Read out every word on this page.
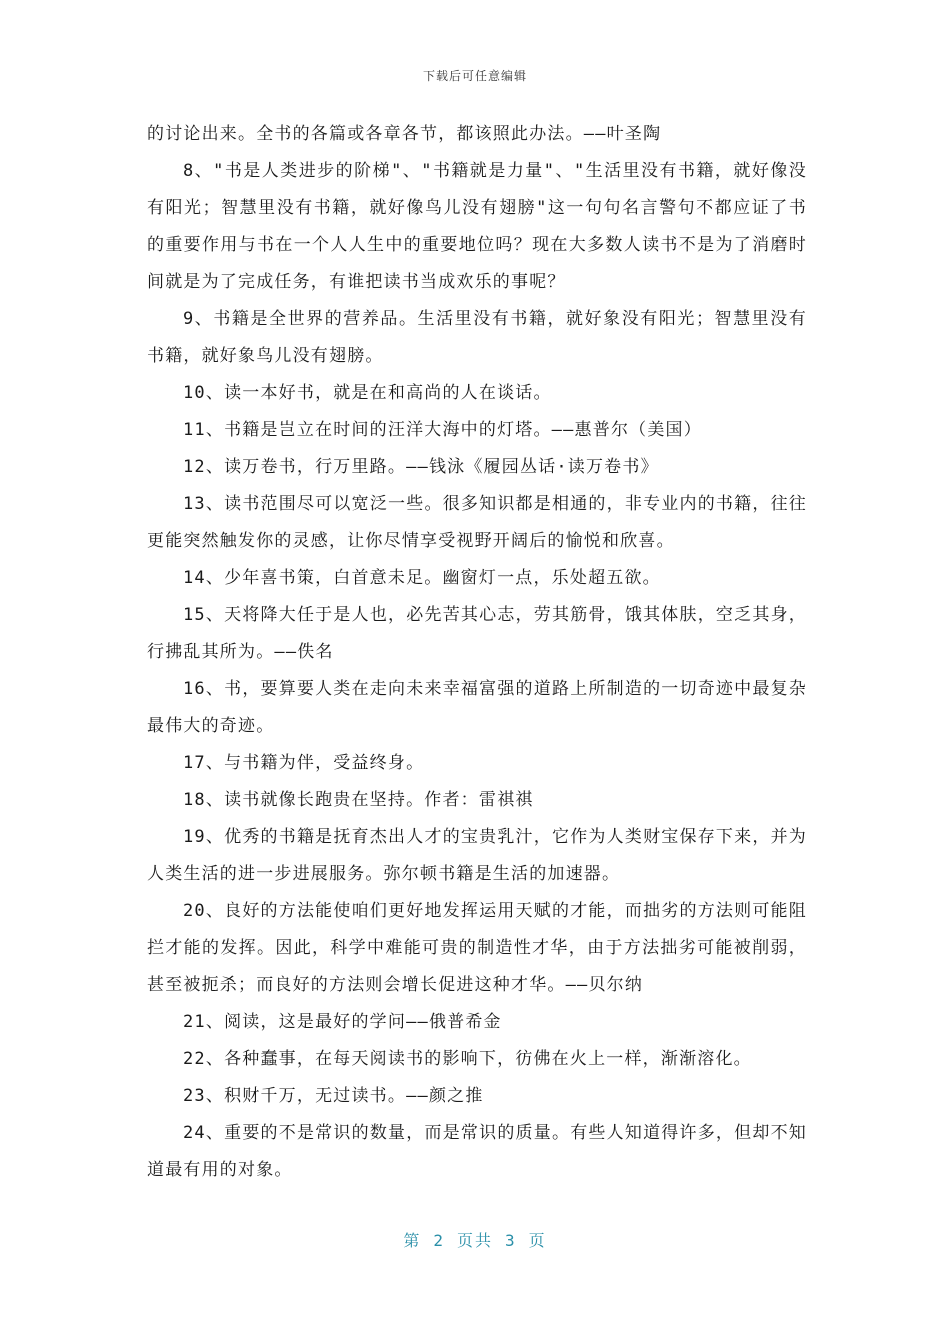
下载后可任意编辑

的讨论出来。全书的各篇或各章各节，都该照此办法。——叶圣陶

8、"书是人类进步的阶梯"、"书籍就是力量"、"生活里没有书籍，就好像没有阳光；智慧里没有书籍，就好像鸟儿没有翅膀"这一句句名言警句不都应证了书的重要作用与书在一个人人生中的重要地位吗？现在大多数人读书不是为了消磨时间就是为了完成任务，有谁把读书当成欢乐的事呢？

9、书籍是全世界的营养品。生活里没有书籍，就好象没有阳光；智慧里没有书籍，就好象鸟儿没有翅膀。

10、读一本好书，就是在和高尚的人在谈话。

11、书籍是岂立在时间的汪洋大海中的灯塔。——惠普尔（美国）

12、读万卷书，行万里路。——钱泳《履园丛话·读万卷书》

13、读书范围尽可以宽泛一些。很多知识都是相通的，非专业内的书籍，往往更能突然触发你的灵感，让你尽情享受视野开阔后的愉悦和欣喜。

14、少年喜书策，白首意未足。幽窗灯一点，乐处超五欲。

15、天将降大任于是人也，必先苦其心志，劳其筋骨，饿其体肤，空乏其身，行拂乱其所为。——佚名

16、书，要算要人类在走向未来幸福富强的道路上所制造的一切奇迹中最复杂最伟大的奇迹。

17、与书籍为伴，受益终身。

18、读书就像长跑贵在坚持。作者：雷祺祺

19、优秀的书籍是抚育杰出人才的宝贵乳汁，它作为人类财宝保存下来，并为人类生活的进一步进展服务。弥尔顿书籍是生活的加速器。

20、良好的方法能使咱们更好地发挥运用天赋的才能，而拙劣的方法则可能阻拦才能的发挥。因此，科学中难能可贵的制造性才华，由于方法拙劣可能被削弱，甚至被扼杀；而良好的方法则会增长促进这种才华。——贝尔纳

21、阅读，这是最好的学问——俄普希金

22、各种蠢事，在每天阅读书的影响下，彷佛在火上一样，渐渐溶化。

23、积财千万，无过读书。——颜之推

24、重要的不是常识的数量，而是常识的质量。有些人知道得许多，但却不知道最有用的对象。

第 2 页共 3 页
